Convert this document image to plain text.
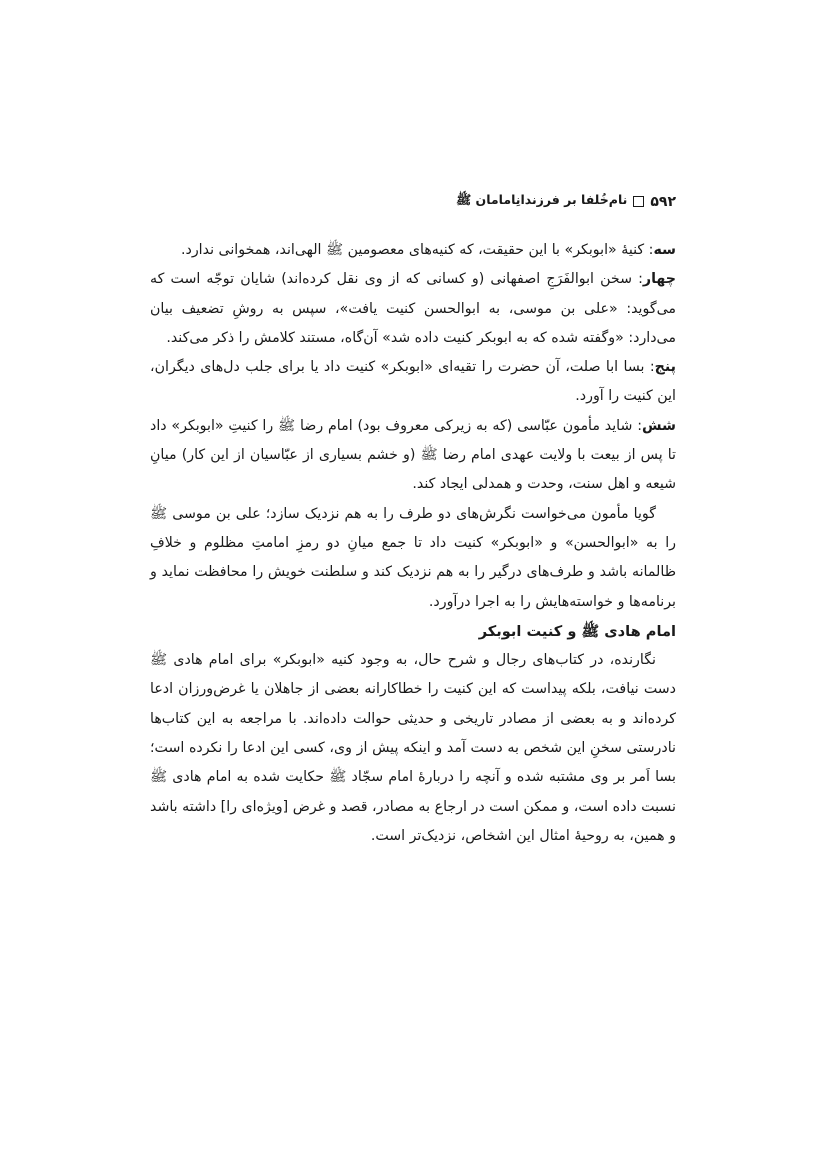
۵۹۲
نام‌خُلفا بر فرزندانِامامان ﷺ

سه: کنیهٔ «ابوبکر» با این حقیقت، که کنیه‌های معصومین ﷺ الهی‌اند، همخوانی ندارد.

چهار: سخن ابوالفَرَجِ اصفهانی (و کسانی که از وی نقل کرده‌اند) شایان توجّه است که می‌گوید: «علی بن موسی، به ابوالحسن کنیت یافت»، سپس به روشِ تضعیف بیان می‌دارد: «وگفته شده که به ابوبکر کنیت داده شد» آن‌گاه، مستند کلامش را ذکر می‌کند.

پنج: بسا ابا صلت، آن حضرت را تقیه‌ای «ابوبکر» کنیت داد یا برای جلب دل‌های دیگران، این کنیت را آورد.

شش: شاید مأمون عبّاسی (که به زیرکی معروف بود) امام رضا ﷺ را کنیتِ «ابوبکر» داد تا پس از بیعت با ولایت عهدی امام رضا ﷺ (و خشم بسیاری از عبّاسیان از این کار) میانِ شیعه و اهل سنت، وحدت و همدلی ایجاد کند.

گویا مأمون می‌خواست نگرش‌های دو طرف را به هم نزدیک سازد؛ علی بن موسی ﷺ را به «ابوالحسن» و «ابوبکر» کنیت داد تا جمع میانِ دو رمزِ امامتِ مظلوم و خلافِ ظالمانه باشد و طرف‌های درگیر را به هم نزدیک کند و سلطنت خویش را محافظت نماید و برنامه‌ها و خواسته‌هایش را به اجرا درآورد.

امام هادی ﷺ و کنیت ابوبکر

نگارنده، در کتاب‌های رجال و شرح حال، به وجود کنیه «ابوبکر» برای امام هادی ﷺ دست نیافت، بلکه پیداست که این کنیت را خطاکارانه بعضی از جاهلان یا غرض‌ورزان ادعا کرده‌اند و به بعضی از مصادر تاریخی و حدیثی حوالت داده‌اند. با مراجعه به این کتاب‌ها نادرستی سخنِ این شخص به دست آمد و اینکه پیش از وی، کسی این ادعا را نکرده است؛ بسا اَمر بر وی مشتبه شده و آنچه را دربارهٔ امام سجّاد ﷺ حکایت شده به امام هادی ﷺ نسبت داده است، و ممکن است در ارجاع به مصادر، قصد و غرض [ویژه‌ای را] داشته باشد و همین، به روحیهٔ امثال این اشخاص، نزدیک‌تر است.
